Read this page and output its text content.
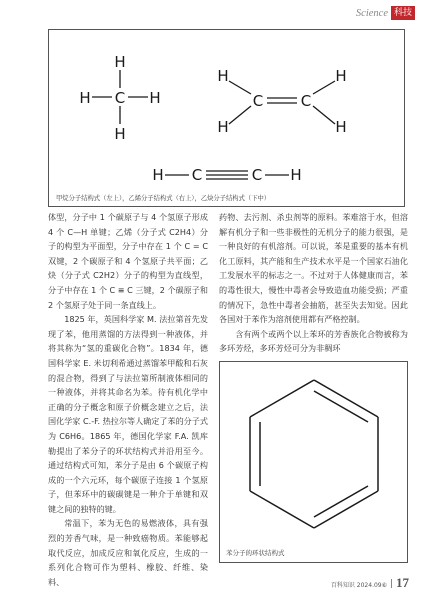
Science 科技
H
C
H	H
H
H
H
C	C
H
H
H C	C H
甲烷分子结构式（左上），乙烯分子结构式（右上），乙炔分子结构式（下中）

体型，分子中 1 个碳原子与 4 个氢原子形成 4 个 C—H 单键；乙烯（分子式 C2H4）分子的构型为平面型，分子中存在 1 个 C = C 双键，2 个碳原子和 4 个氢原子共平面；乙炔（分子式 C2H2）分子的构型为直线型，分子中存在 1 个 C ≡ C 三键，2 个碳原子和 2 个氢原子处于同一条直线上。

1825 年，英国科学家 M. 法拉第首先发现了苯，他用蒸馏的方法得到一种液体，并将其称为“氢的重碳化合物”。1834 年，德国科学家 E. 米切利希通过蒸馏苯甲酸和石灰的混合物，得到了与法拉第所制液体相同的一种液体，并将其命名为苯。待有机化学中正确的分子概念和原子价概念建立之后，法国化学家 C.-F. 热拉尔等人确定了苯的分子式为 C6H6。1865 年，德国化学家 F.A. 凯库勒提出了苯分子的环状结构式并沿用至今。通过结构式可知，苯分子是由 6 个碳原子构成的一个六元环，每个碳原子连接 1 个氢原子，但苯环中的碳碳键是一种介于单键和双键之间的独特的键。

常温下，苯为无色的易燃液体，具有强烈的芳香气味，是一种致癌物质。苯能够起取代反应，加成反应和氧化反应，生成的一系列化合物可作为塑料、橡胶、纤维、染料、

药物、去污剂、杀虫剂等的原料。苯难溶于水，但溶解有机分子和一些非极性的无机分子的能力很强，是一种良好的有机溶剂。可以说，苯是重要的基本有机化工原料，其产能和生产技术水平是一个国家石油化工发展水平的标志之一。不过对于人体健康而言，苯的毒性很大，慢性中毒者会导致造血功能受损；严重的情况下，急性中毒者会抽筋，甚至失去知觉。因此各国对于苯作为溶剂使用都有严格控制。

含有两个或两个以上苯环的芳香族化合物被称为多环芳烃，多环芳烃可分为非稠环

苯分子的环状结构式
百科知识 2024.09⑥ 17
